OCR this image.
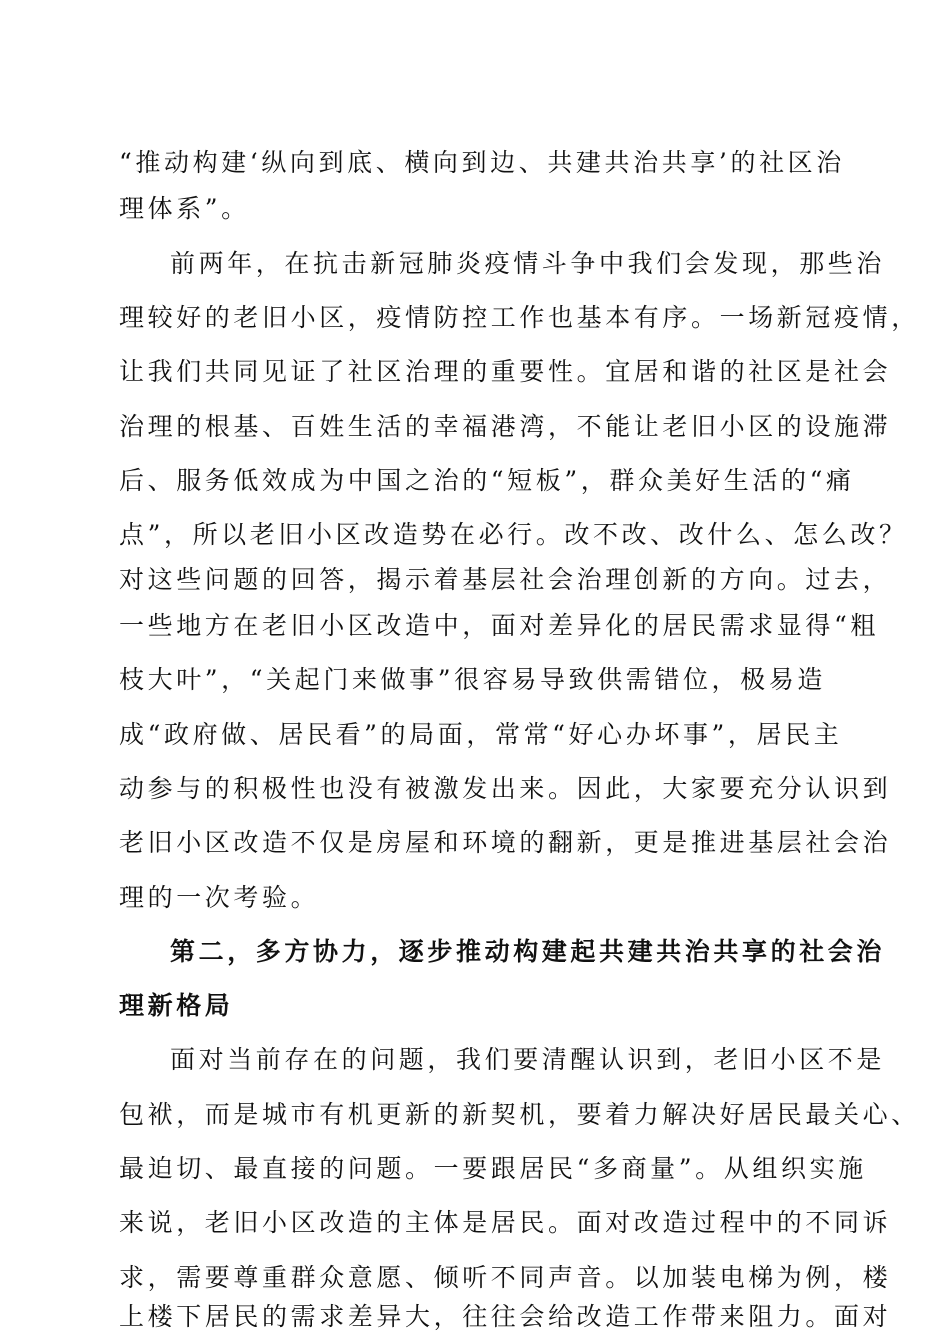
“推动构建‘纵向到底、横向到边、共建共治共享’的社区治
理体系”。
前两年，在抗击新冠肺炎疫情斗争中我们会发现，那些治
理较好的老旧小区，疫情防控工作也基本有序。一场新冠疫情，
让我们共同见证了社区治理的重要性。宜居和谐的社区是社会
治理的根基、百姓生活的幸福港湾，不能让老旧小区的设施滞
后、服务低效成为中国之治的“短板”，群众美好生活的“痛
点”，所以老旧小区改造势在必行。改不改、改什么、怎么改？
对这些问题的回答，揭示着基层社会治理创新的方向。过去，
一些地方在老旧小区改造中，面对差异化的居民需求显得“粗
枝大叶”，“关起门来做事”很容易导致供需错位，极易造
成“政府做、居民看”的局面，常常“好心办坏事”，居民主
动参与的积极性也没有被激发出来。因此，大家要充分认识到
老旧小区改造不仅是房屋和环境的翻新，更是推进基层社会治
理的一次考验。
第二，多方协力，逐步推动构建起共建共治共享的社会治
理新格局
面对当前存在的问题，我们要清醒认识到，老旧小区不是
包袱，而是城市有机更新的新契机，要着力解决好居民最关心、
最迫切、最直接的问题。一要跟居民“多商量”。从组织实施
来说，老旧小区改造的主体是居民。面对改造过程中的不同诉
求，需要尊重群众意愿、倾听不同声音。以加装电梯为例，楼
上楼下居民的需求差异大，往往会给改造工作带来阻力。面对
